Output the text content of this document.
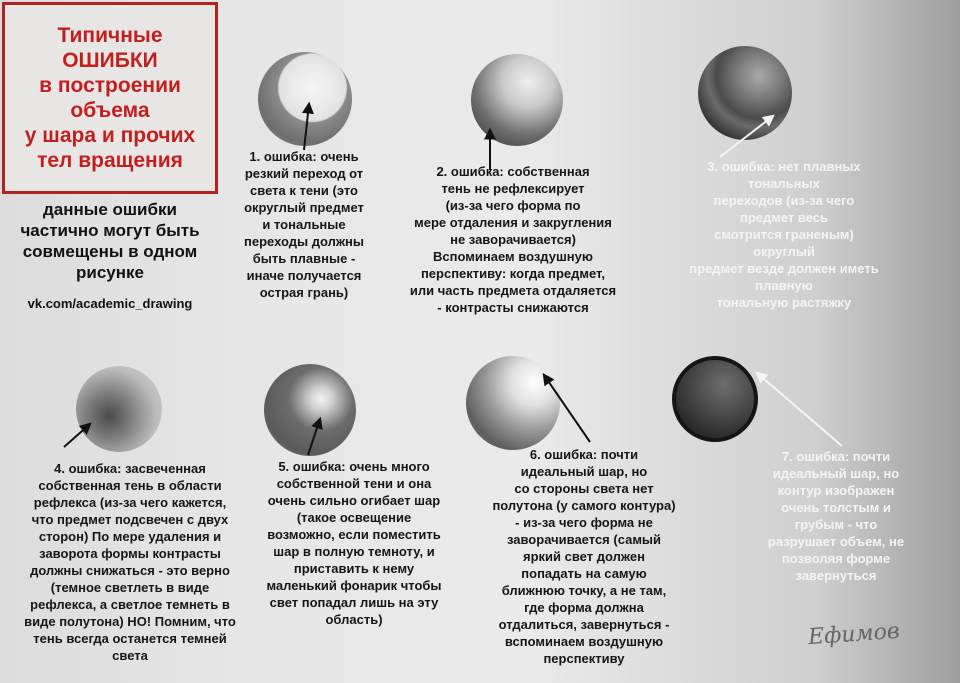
Типичные
ОШИБКИ
в построении
объема
у шара и прочих
тел вращения
данные ошибки
частично могут быть
совмещены в одном
рисунке
vk.com/academic_drawing
1. ошибка: очень
резкий переход от
света к тени (это
округлый предмет
и тональные
переходы должны
быть плавные -
иначе получается
острая грань)
2. ошибка: собственная
тень не рефлексирует
(из-за чего форма по
мере отдаления и закругления
не заворачивается)
Вспоминаем воздушную
перспективу: когда предмет,
или часть предмета отдаляется
- контрасты снижаются
3. ошибка: нет плавных
тональных
переходов (из-за чего
предмет весь
смотрится граненым)
округлый
предмет везде должен иметь
плавную
тональную растяжку
4. ошибка: засвеченная
собственная тень в области
рефлекса (из-за чего кажется,
что предмет подсвечен с двух
сторон) По мере удаления и
заворота формы контрасты
должны снижаться - это верно
(темное светлеть в виде
рефлекса, а светлое темнеть в
виде полутона) НО! Помним, что
тень всегда останется темней
света
5. ошибка: очень много
собственной тени и она
очень сильно огибает шар
(такое освещение
возможно, если поместить
шар в полную темноту, и
приставить к нему
маленький фонарик чтобы
свет попадал лишь на эту
область)
6. ошибка: почти
идеальный шар, но
со стороны света нет
полутона (у самого контура)
- из-за чего форма не
заворачивается (самый
яркий свет должен
попадать на самую
ближнюю точку, а не там,
где форма должна
отдалиться, завернуться -
вспоминаем воздушную
перспективу
7. ошибка: почти
идеальный шар, но
контур изображен
очень толстым и
грубым - что
разрушает объем, не
позволяя форме
завернуться
Ефимов
